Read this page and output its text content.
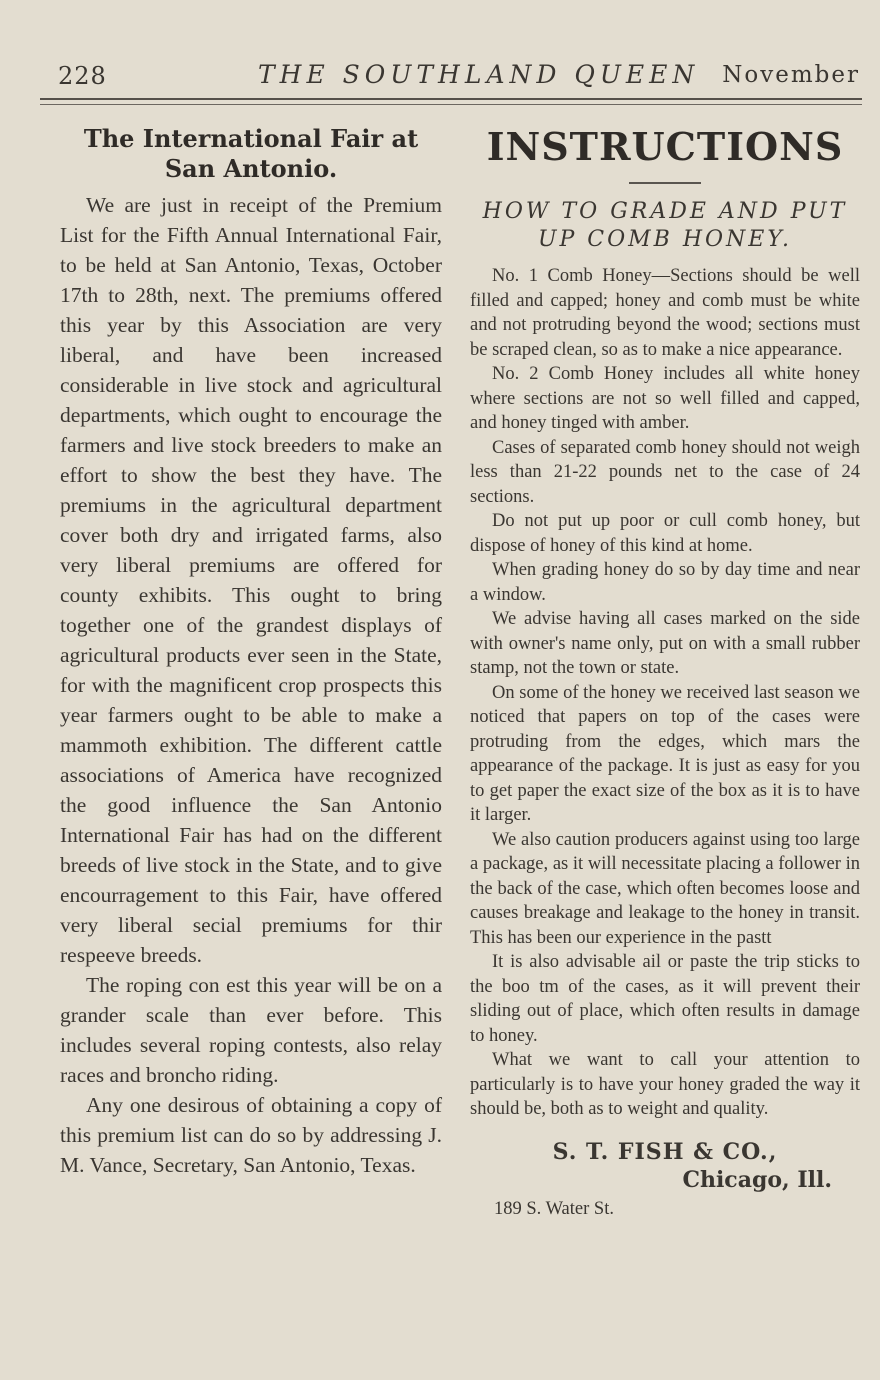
228	THE SOUTHLAND QUEEN November
The International Fair at San Antonio.

We are just in receipt of the Premium List for the Fifth Annual International Fair, to be held at San Antonio, Texas, October 17th to 28th, next. The premiums offered this year by this Association are very liberal, and have been increased considerable in live stock and agricultural departments, which ought to encourage the farmers and live stock breeders to make an effort to show the best they have. The premiums in the agricultural department cover both dry and irrigated farms, also very liberal premiums are offered for county exhibits. This ought to bring together one of the grandest displays of agricultural products ever seen in the State, for with the magnificent crop prospects this year farmers ought to be able to make a mammoth exhibition. The different cattle associations of America have recognized the good influence the San Antonio International Fair has had on the different breeds of live stock in the State, and to give encourragement to this Fair, have offered very liberal secial premiums for thir respeeve breeds.

The roping con est this year will be on a grander scale than ever before. This includes several roping contests, also relay races and broncho riding.

Any one desirous of obtaining a copy of this premium list can do so by addressing J. M. Vance, Secretary, San Antonio, Texas.

INSTRUCTIONS
HOW TO GRADE AND PUT UP COMB HONEY.

No. 1 Comb Honey—Sections should be well filled and capped; honey and comb must be white and not protruding beyond the wood; sections must be scraped clean, so as to make a nice appearance.

No. 2 Comb Honey includes all white honey where sections are not so well filled and capped, and honey tinged with amber.

Cases of separated comb honey should not weigh less than 21-22 pounds net to the case of 24 sections.

Do not put up poor or cull comb honey, but dispose of honey of this kind at home.

When grading honey do so by day time and near a window.

We advise having all cases marked on the side with owner's name only, put on with a small rubber stamp, not the town or state.

On some of the honey we received last season we noticed that papers on top of the cases were protruding from the edges, which mars the appearance of the package. It is just as easy for you to get paper the exact size of the box as it is to have it larger.

We also caution producers against using too large a package, as it will necessitate placing a follower in the back of the case, which often becomes loose and causes breakage and leakage to the honey in transit. This has been our experience in the pastt

It is also advisable ail or paste the trip sticks to the boo tm of the cases, as it will prevent their sliding out of place, which often results in damage to honey.

What we want to call your attention to particularly is to have your honey graded the way it should be, both as to weight and quality.

S. T. FISH & CO.,
Chicago, Ill.
189 S. Water St.
